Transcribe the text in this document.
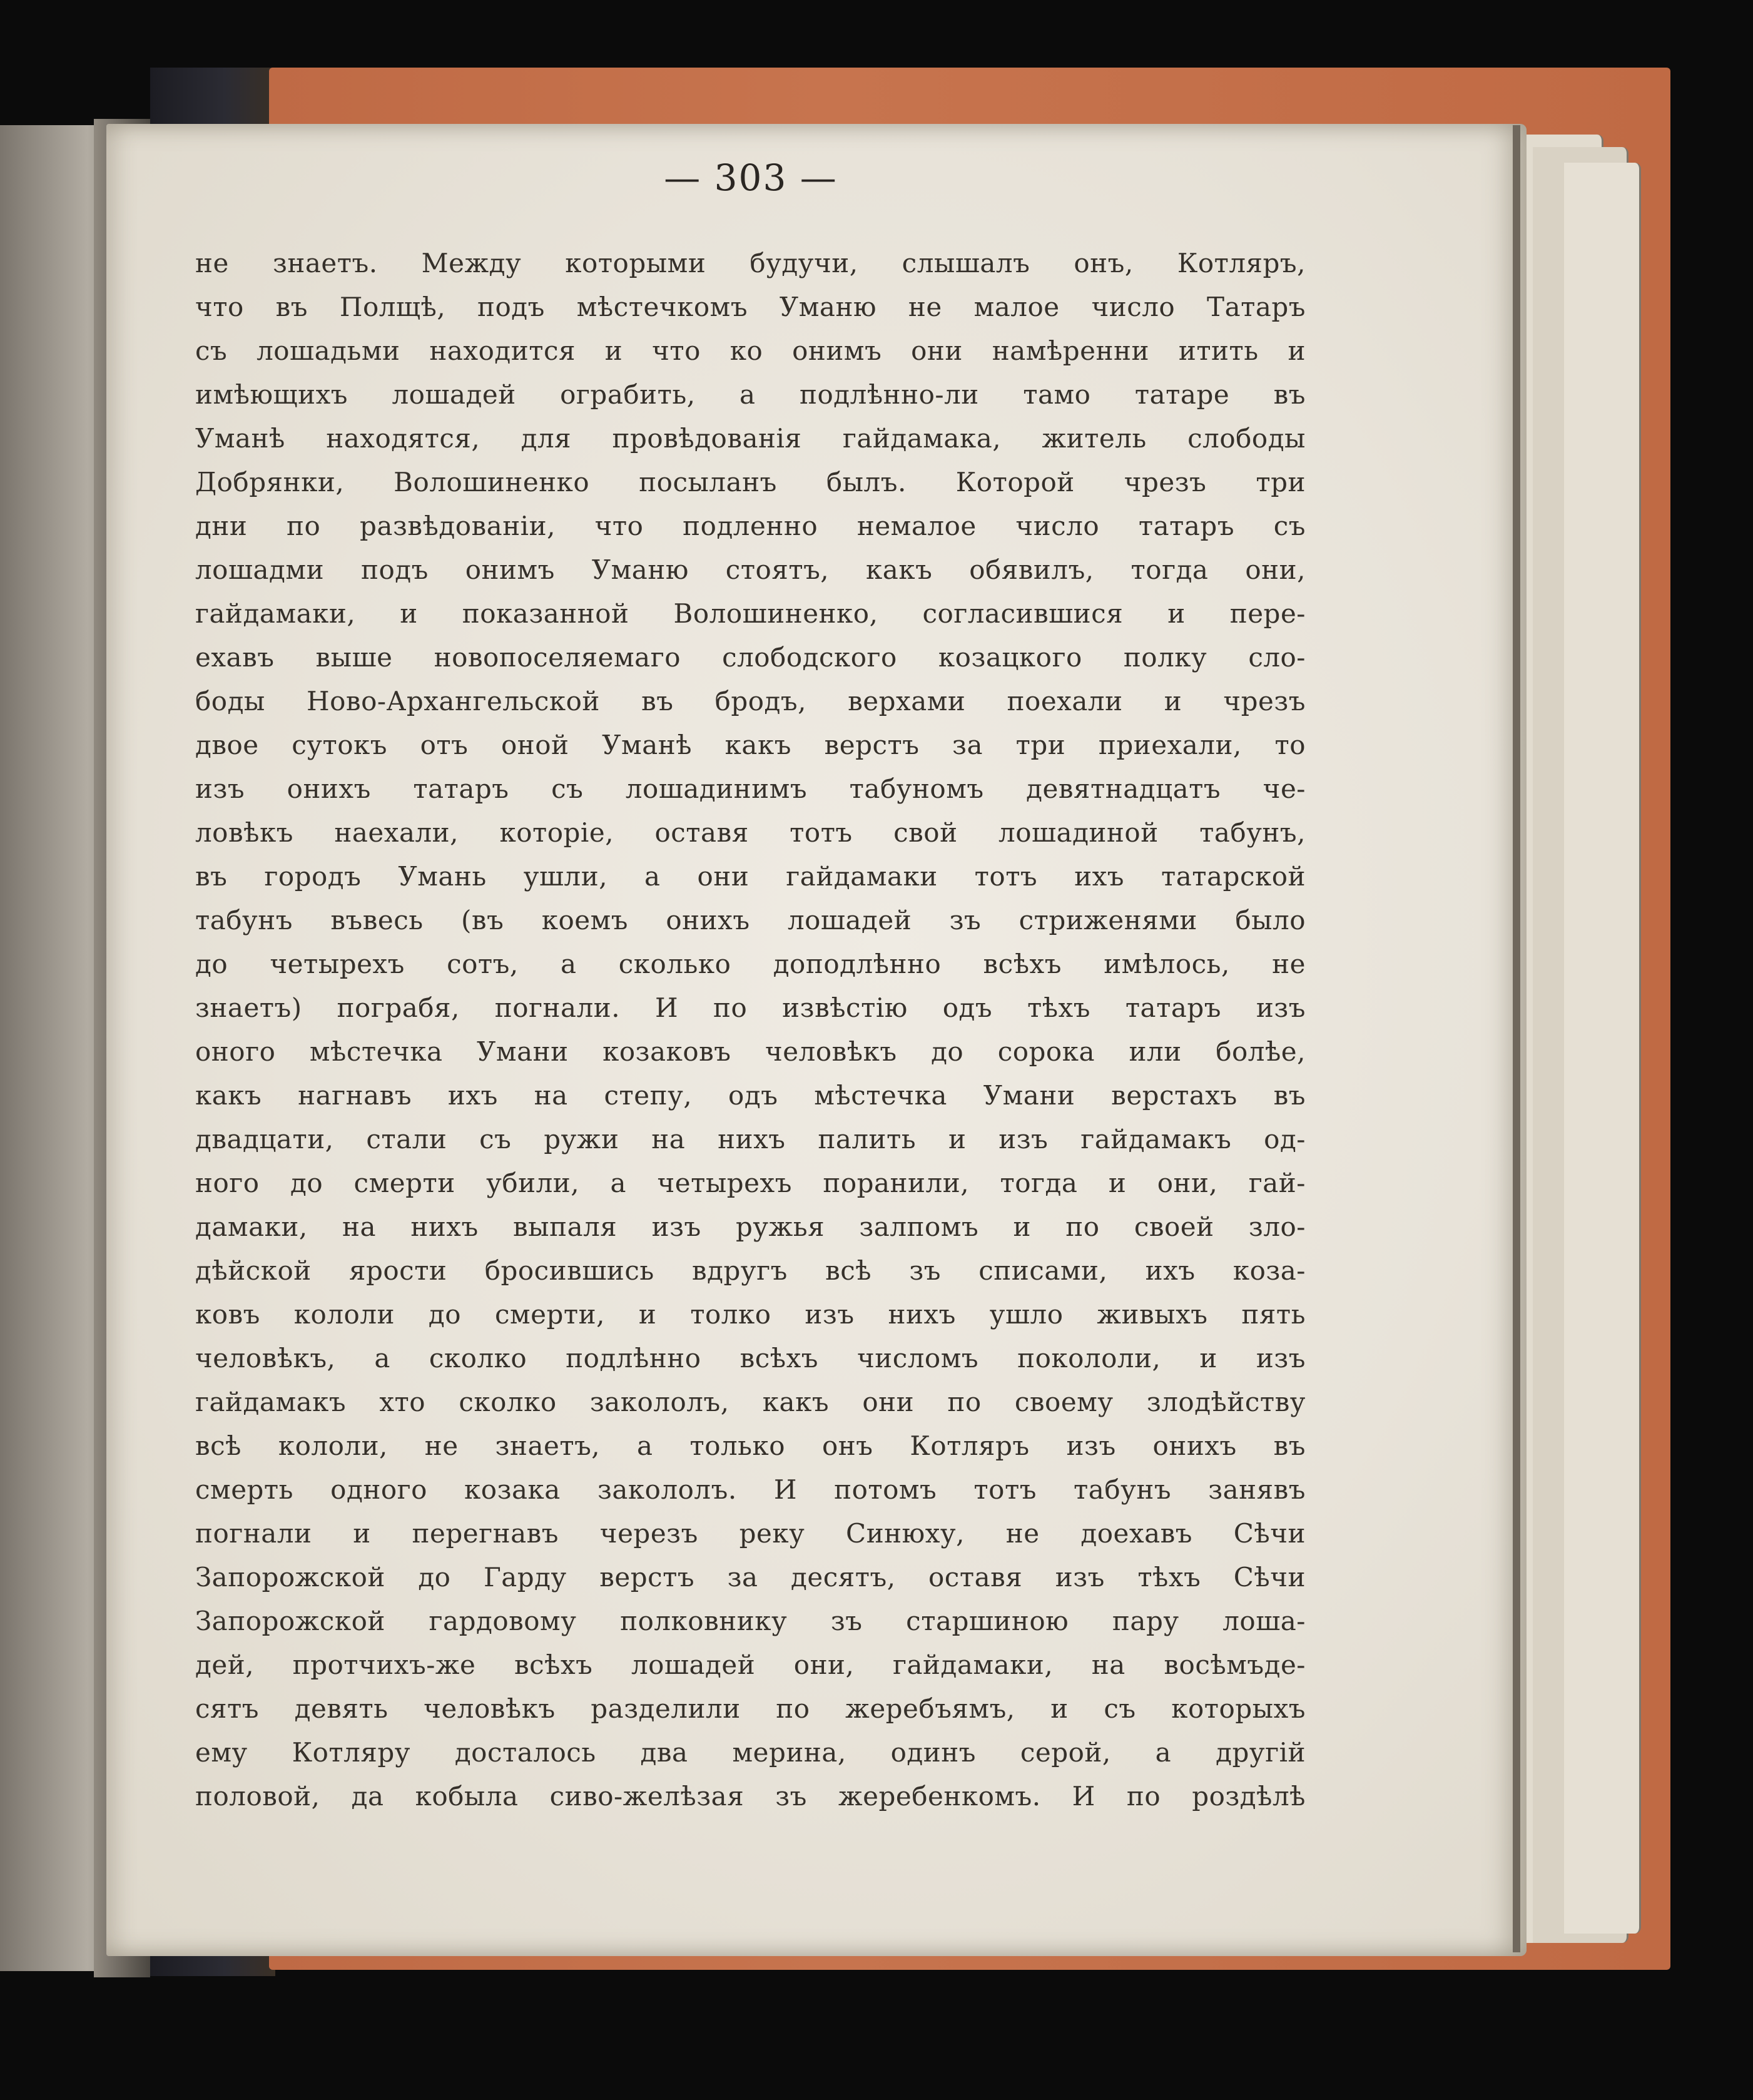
— 303 —
не знаетъ. Между которыми будучи, слышалъ онъ, Котляръ,
что въ Полщѣ, подъ мѣстечкомъ Уманю не малое число Татаръ
съ лошадьми находится и что ко онимъ они намѣренни итить и
имѣющихъ лошадей ограбить, а подлѣнно-ли тамо татаре въ
Уманѣ находятся, для провѣдованія гайдамака, житель слободы
Добрянки, Волошиненко посыланъ былъ. Которой чрезъ три
дни по развѣдованіи, что подленно немалое число татаръ съ
лошадми подъ онимъ Уманю стоятъ, какъ обявилъ, тогда они,
гайдамаки, и показанной Волошиненко, согласившися и пере-
ехавъ выше новопоселяемаго слободского козацкого полку сло-
боды Ново-Архангельской въ бродъ, верхами поехали и чрезъ
двое сутокъ отъ оной Уманѣ какъ верстъ за три приехали, то
изъ онихъ татаръ съ лошадинимъ табуномъ девятнадцатъ че-
ловѣкъ наехали, которіе, оставя тотъ свой лошадиной табунъ,
въ городъ Умань ушли, а они гайдамаки тотъ ихъ татарской
табунъ въвесь (въ коемъ онихъ лошадей зъ стриженями было
до четырехъ сотъ, а сколько доподлѣнно всѣхъ имѣлось, не
знаетъ) пограбя, погнали. И по извѣстію одъ тѣхъ татаръ изъ
оного мѣстечка Умани козаковъ человѣкъ до сорока или болѣе,
какъ нагнавъ ихъ на степу, одъ мѣстечка Умани верстахъ въ
двадцати, стали съ ружи на нихъ палить и изъ гайдамакъ од-
ного до смерти убили, а четырехъ поранили, тогда и они, гай-
дамаки, на нихъ выпаля изъ ружья залпомъ и по своей зло-
дѣйской ярости бросившись вдругъ всѣ зъ списами, ихъ коза-
ковъ кололи до смерти, и толко изъ нихъ ушло живыхъ пять
человѣкъ, а сколко подлѣнно всѣхъ числомъ покололи, и изъ
гайдамакъ хто сколко закололъ, какъ они по своему злодѣйству
всѣ кололи, не знаетъ, а только онъ Котляръ изъ онихъ въ
смерть одного козака закололъ. И потомъ тотъ табунъ занявъ
погнали и перегнавъ черезъ реку Синюху, не доехавъ Сѣчи
Запорожской до Гарду верстъ за десятъ, оставя изъ тѣхъ Сѣчи
Запорожской гардовому полковнику зъ старшиною пару лоша-
дей, протчихъ-же всѣхъ лошадей они, гайдамаки, на восѣмъде-
сятъ девять человѣкъ разделили по жеребъямъ, и съ которыхъ
ему Котляру досталось два мерина, одинъ серой, а другій
половой, да кобыла сиво-желѣзая зъ жеребенкомъ. И по роздѣлѣ
